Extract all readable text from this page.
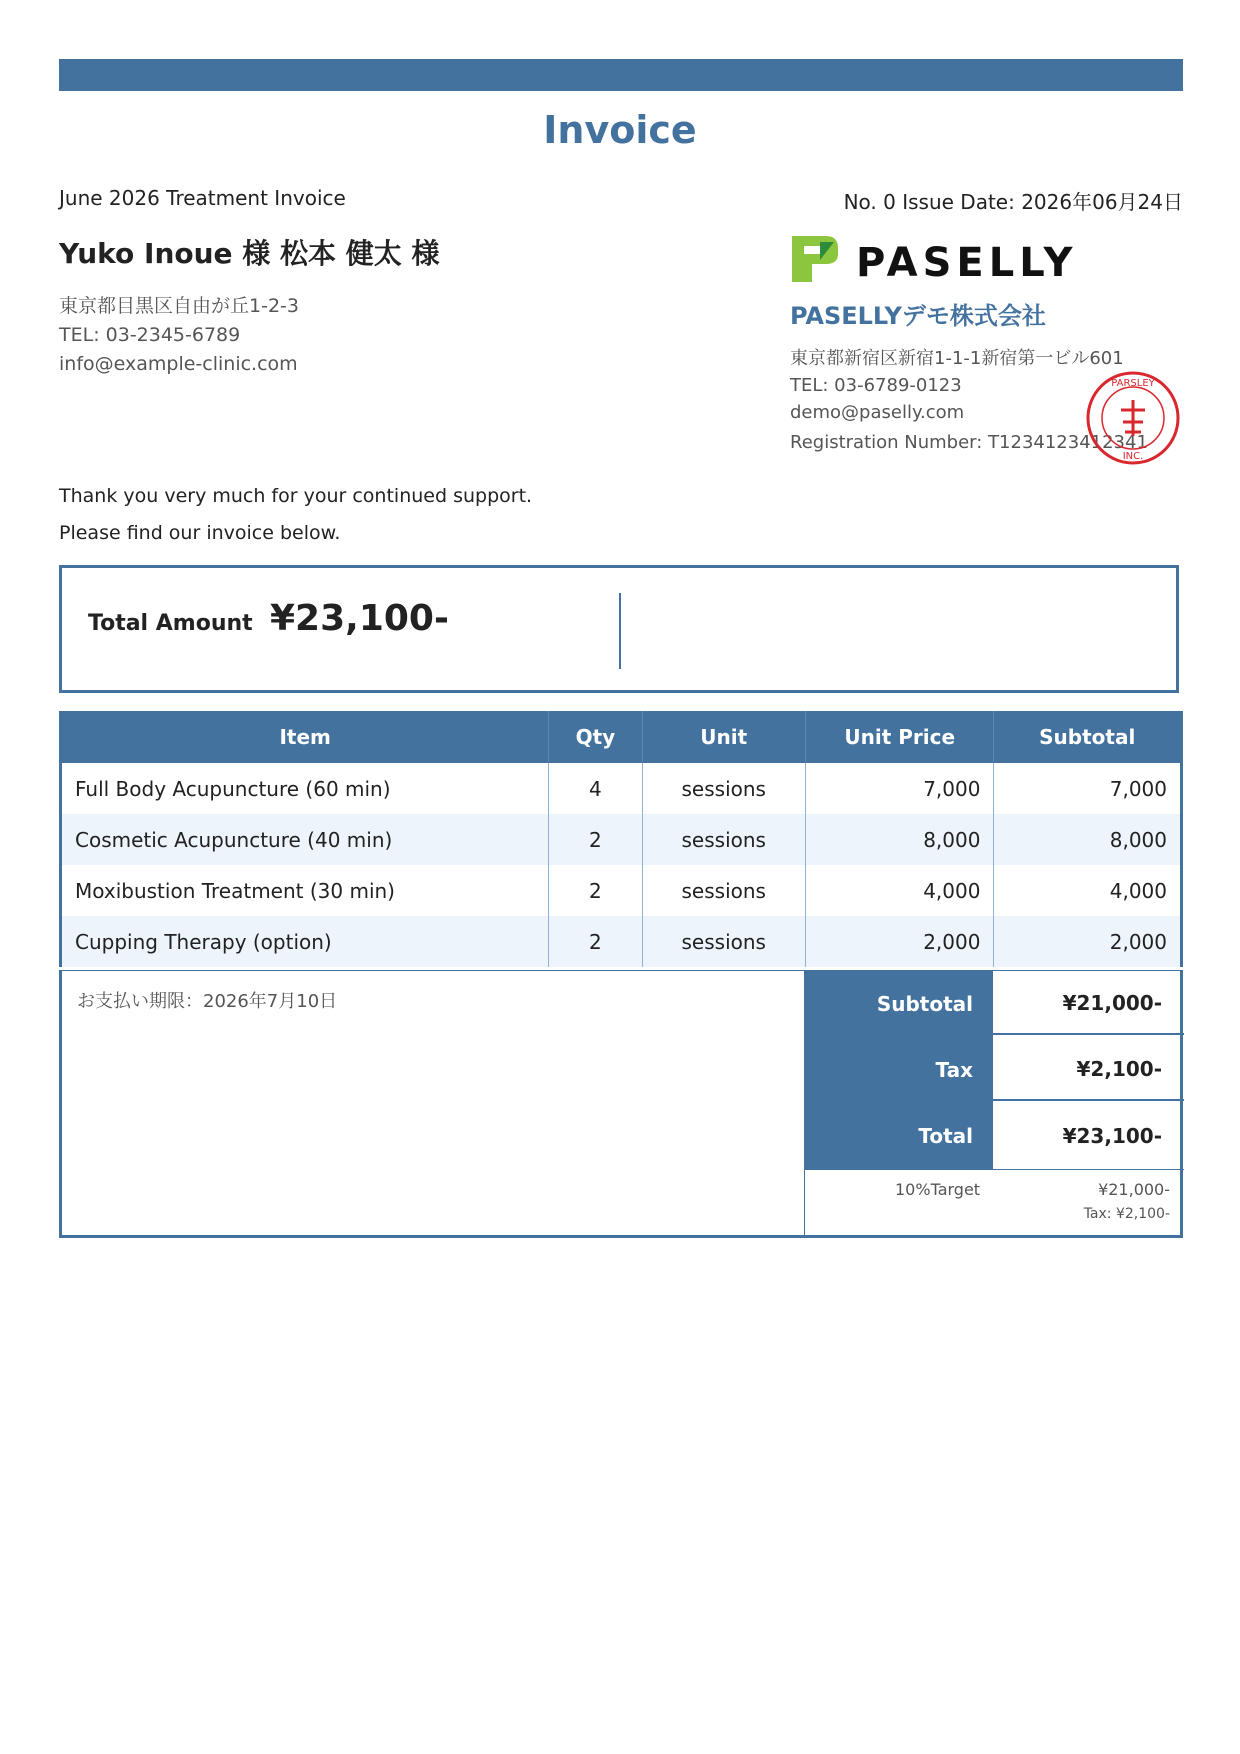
Invoice
June 2026 Treatment Invoice	No. 0 Issue Date: 2026年06月24日
Yuko Inoue 様 松本 健太 様
東京都目黒区自由が丘1-2-3
TEL: 03-2345-6789
info@example-clinic.com
PASELLY
PASELLYデモ株式会社
東京都新宿区新宿1-1-1新宿第一ビル601
TEL: 03-6789-0123
demo@paselly.com
Registration Number: T1234123412341
PARSLEY
INC.
Thank you very much for your continued support.
Please find our invoice below.
Total Amount ¥23,100-
Item	Qty	Unit	Unit Price	Subtotal
Full Body Acupuncture (60 min)	4	sessions	7,000	7,000
Cosmetic Acupuncture (40 min)	2	sessions	8,000	8,000
Moxibustion Treatment (30 min)	2	sessions	4,000	4,000
Cupping Therapy (option)	2	sessions	2,000	2,000
お支払い期限：2026年7月10日	Subtotal	¥21,000-
Tax	¥2,100-
Total	¥23,100-
10%Target	¥21,000-
Tax: ¥2,100-
